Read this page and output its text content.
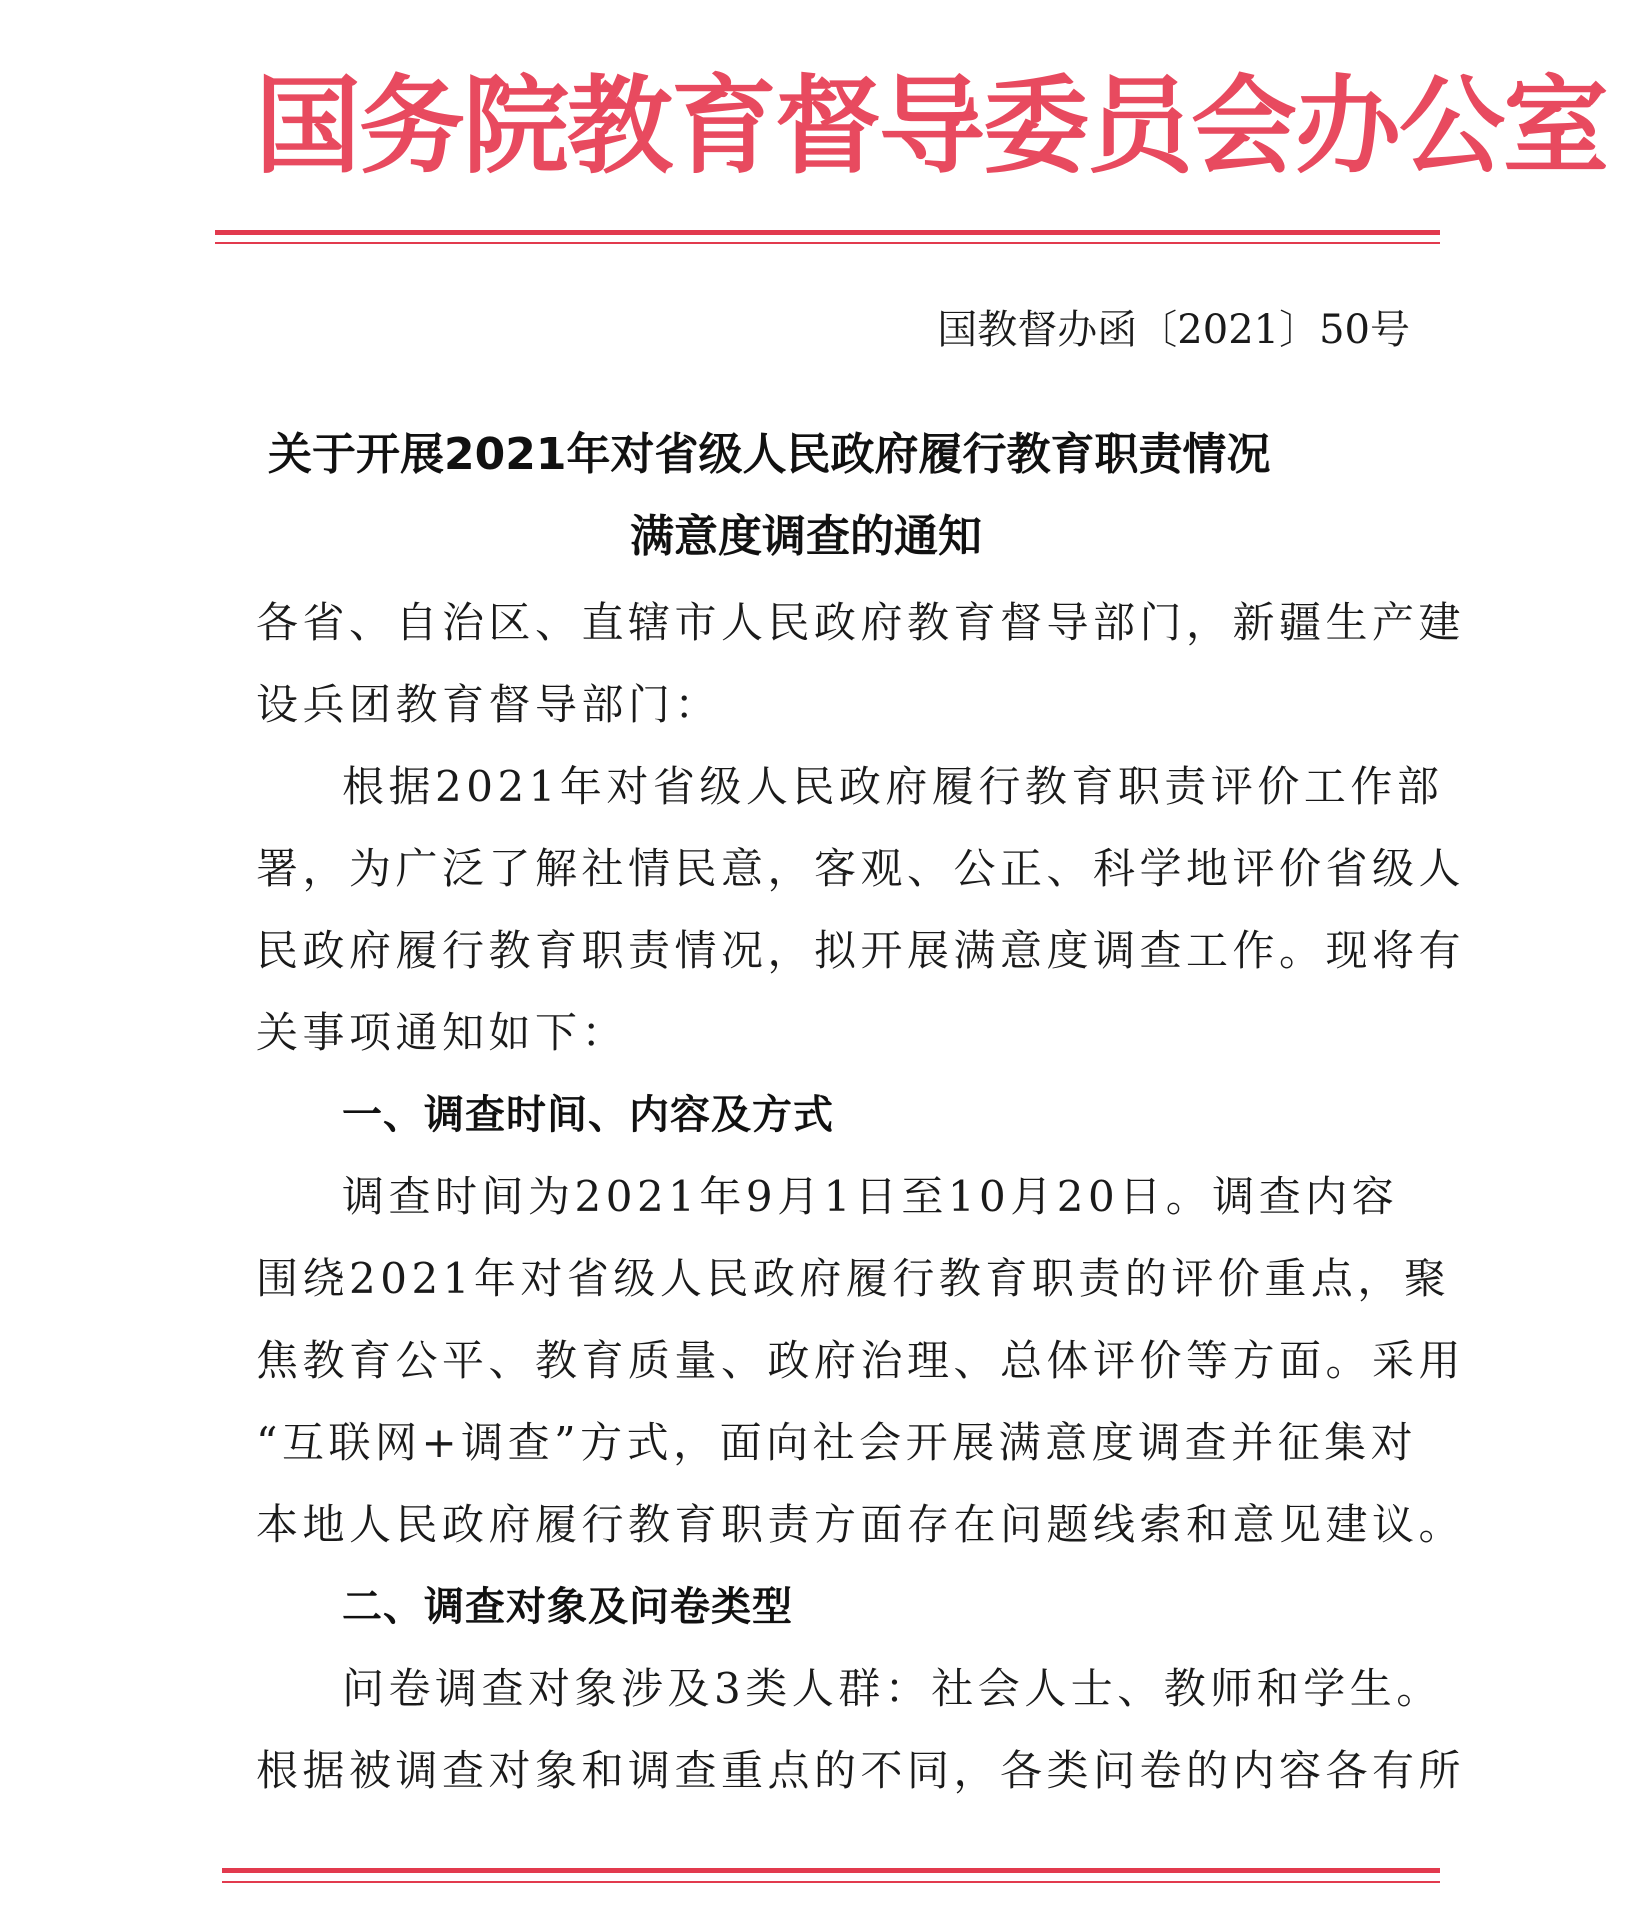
国务院教育督导委员会办公室
国教督办函〔2021〕50号
关于开展2021年对省级人民政府履行教育职责情况
满意度调查的通知
各省、自治区、直辖市人民政府教育督导部门，新疆生产建
设兵团教育督导部门：
根据2021年对省级人民政府履行教育职责评价工作部
署，为广泛了解社情民意，客观、公正、科学地评价省级人
民政府履行教育职责情况，拟开展满意度调查工作。现将有
关事项通知如下：
一、调查时间、内容及方式
调查时间为2021年9月1日至10月20日。调查内容
围绕2021年对省级人民政府履行教育职责的评价重点，聚
焦教育公平、教育质量、政府治理、总体评价等方面。采用
“互联网+调查”方式，面向社会开展满意度调查并征集对
本地人民政府履行教育职责方面存在问题线索和意见建议。
二、调查对象及问卷类型
问卷调查对象涉及3类人群：社会人士、教师和学生。
根据被调查对象和调查重点的不同，各类问卷的内容各有所
